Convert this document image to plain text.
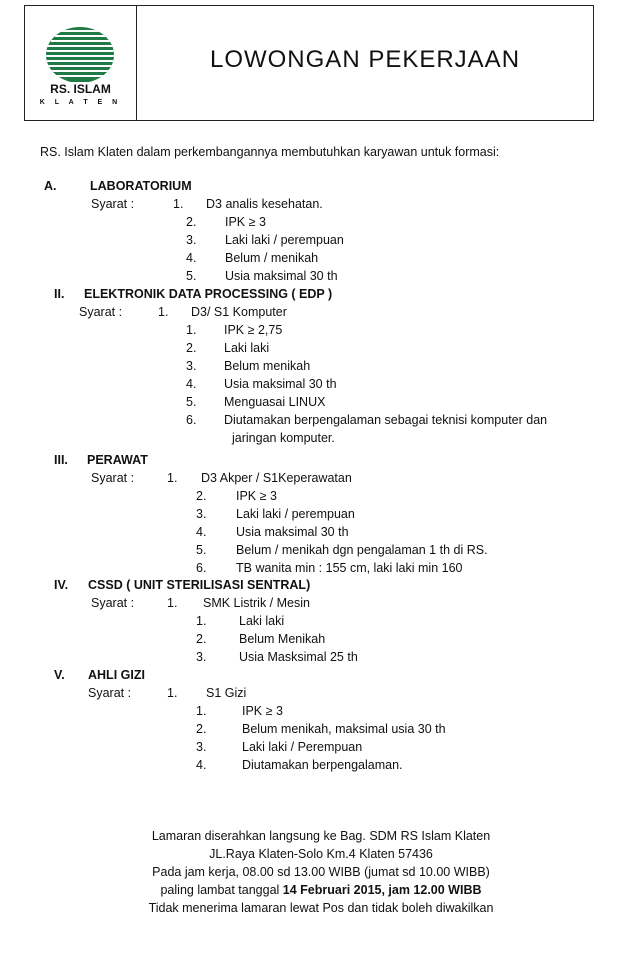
RS. ISLAM
K L A T E N
LOWONGAN PEKERJAAN
RS. Islam Klaten dalam perkembangannya membutuhkan karyawan untuk formasi:
A.	LABORATORIUM
Syarat :	1. D3 analis kesehatan.
2. IPK ≥ 3
3. Laki laki / perempuan
4. Belum / menikah
5. Usia maksimal 30 th
II. ELEKTRONIK DATA PROCESSING ( EDP )
Syarat :	1. D3/ S1 Komputer
1. IPK ≥ 2,75
2. Laki laki
3. Belum menikah
4. Usia maksimal 30 th
5. Menguasai LINUX
6. Diutamakan berpengalaman sebagai teknisi komputer dan
jaringan komputer.
III. PERAWAT
Syarat :	1. D3 Akper / S1Keperawatan
2. IPK ≥ 3
3. Laki laki / perempuan
4. Usia maksimal 30 th
5. Belum / menikah dgn pengalaman 1 th di RS.
6. TB wanita min : 155 cm, laki laki min 160
IV. CSSD ( UNIT STERILISASI SENTRAL)
Syarat :	1. SMK Listrik / Mesin
1.	Laki laki
2.	Belum Menikah
3.	Usia Masksimal 25 th
V. AHLI GIZI
Syarat :	1. S1 Gizi
1.	IPK ≥ 3
2.	Belum menikah, maksimal usia 30 th
3.	Laki laki / Perempuan
4.	Diutamakan berpengalaman.
Lamaran diserahkan langsung ke Bag. SDM RS Islam Klaten
JL.Raya Klaten-Solo Km.4 Klaten 57436
Pada jam kerja, 08.00 sd 13.00 WIBB (jumat sd 10.00 WIBB)
paling lambat tanggal 14 Februari 2015, jam 12.00 WIBB
Tidak menerima lamaran lewat Pos dan tidak boleh diwakilkan
